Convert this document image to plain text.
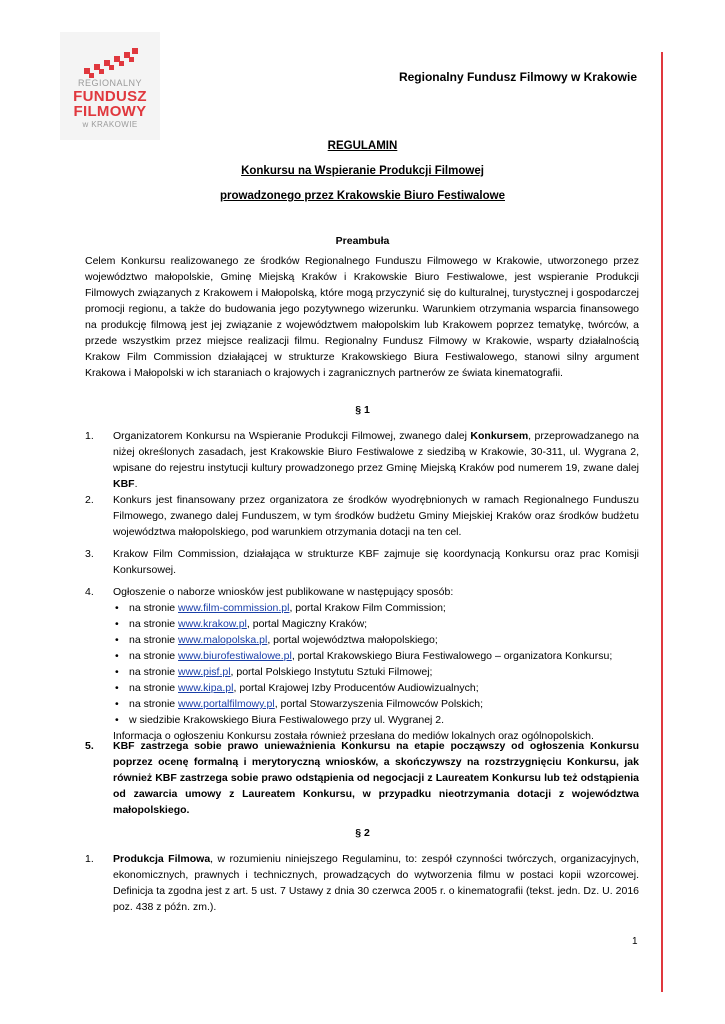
REGIONALNY
FUNDUSZ
FILMOWY
w KRAKOWIE
Regionalny Fundusz Filmowy w Krakowie
REGULAMIN
Konkursu na Wspieranie Produkcji Filmowej
prowadzonego przez Krakowskie Biuro Festiwalowe
Preambuła

Celem Konkursu realizowanego ze środków Regionalnego Funduszu Filmowego w Krakowie, utworzonego przez województwo małopolskie, Gminę Miejską Kraków i Krakowskie Biuro Festiwalowe, jest wspieranie Produkcji Filmowych związanych z Krakowem i Małopolską, które mogą przyczynić się do kulturalnej, turystycznej i gospodarczej promocji regionu, a także do budowania jego pozytywnego wizerunku. Warunkiem otrzymania wsparcia finansowego na produkcję filmową jest jej związanie z województwem małopolskim lub Krakowem poprzez tematykę, twórców, a przede wszystkim przez miejsce realizacji filmu. Regionalny Fundusz Filmowy w Krakowie, wsparty działalnością Krakow Film Commission działającej w strukturze Krakowskiego Biura Festiwalowego, stanowi silny argument Krakowa i Małopolski w ich staraniach o krajowych i zagranicznych partnerów ze świata kinematografii.

§ 1
1. Organizatorem Konkursu na Wspieranie Produkcji Filmowej, zwanego dalej Konkursem, przeprowadzanego na niżej określonych zasadach, jest Krakowskie Biuro Festiwalowe z siedzibą w Krakowie, 30-311, ul. Wygrana 2, wpisane do rejestru instytucji kultury prowadzonego przez Gminę Miejską Kraków pod numerem 19, zwane dalej KBF.
2. Konkurs jest finansowany przez organizatora ze środków wyodrębnionych w ramach Regionalnego Funduszu Filmowego, zwanego dalej Funduszem, w tym środków budżetu Gminy Miejskiej Kraków oraz środków budżetu województwa małopolskiego, pod warunkiem otrzymania dotacji na ten cel.
3. Krakow Film Commission, działająca w strukturze KBF zajmuje się koordynacją Konkursu oraz prac Komisji Konkursowej.
4. Ogłoszenie o naborze wniosków jest publikowane w następujący sposób:
• na stronie www.film-commission.pl, portal Krakow Film Commission;
• na stronie www.krakow.pl, portal Magiczny Kraków;
• na stronie www.malopolska.pl, portal województwa małopolskiego;
• na stronie www.biurofestiwalowe.pl, portal Krakowskiego Biura Festiwalowego – organizatora Konkursu;
• na stronie www.pisf.pl, portal Polskiego Instytutu Sztuki Filmowej;
• na stronie www.kipa.pl, portal Krajowej Izby Producentów Audiowizualnych;
• na stronie www.portalfilmowy.pl, portal Stowarzyszenia Filmowców Polskich;
• w siedzibie Krakowskiego Biura Festiwalowego przy ul. Wygranej 2.
Informacja o ogłoszeniu Konkursu została również przesłana do mediów lokalnych oraz ogólnopolskich.
5. KBF zastrzega sobie prawo unieważnienia Konkursu na etapie począwszy od ogłoszenia Konkursu poprzez ocenę formalną i merytoryczną wniosków, a skończywszy na rozstrzygnięciu Konkursu, jak również KBF zastrzega sobie prawo odstąpienia od negocjacji z Laureatem Konkursu lub też odstąpienia od zawarcia umowy z Laureatem Konkursu, w przypadku nieotrzymania dotacji z województwa małopolskiego.
§ 2
1. Produkcja Filmowa, w rozumieniu niniejszego Regulaminu, to: zespół czynności twórczych, organizacyjnych, ekonomicznych, prawnych i technicznych, prowadzących do wytworzenia filmu w postaci kopii wzorcowej. Definicja ta zgodna jest z art. 5 ust. 7 Ustawy z dnia 30 czerwca 2005 r. o kinematografii (tekst. jedn. Dz. U. 2016 poz. 438 z późn. zm.).
1
